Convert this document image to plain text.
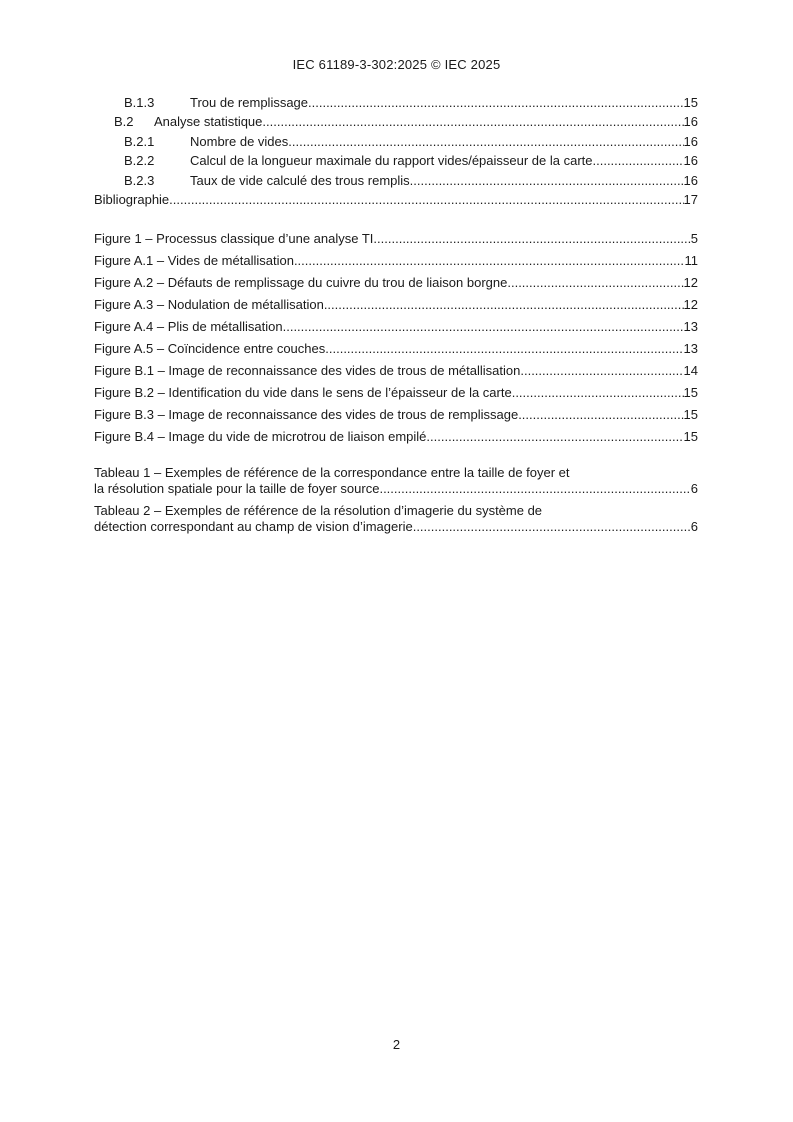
IEC 61189-3-302:2025 © IEC 2025
B.1.3	Trou de remplissage .....	15
B.2	Analyse statistique .....	16
B.2.1	Nombre de vides .....	16
B.2.2	Calcul de la longueur maximale du rapport vides/épaisseur de la carte .....	16
B.2.3	Taux de vide calculé des trous remplis .....	16
Bibliographie .....	17
Figure 1 – Processus classique d’une analyse TI .....	5
Figure A.1 – Vides de métallisation .....	11
Figure A.2 – Défauts de remplissage du cuivre du trou de liaison borgne .....	12
Figure A.3 – Nodulation de métallisation .....	12
Figure A.4 – Plis de métallisation .....	13
Figure A.5 – Coïncidence entre couches .....	13
Figure B.1 – Image de reconnaissance des vides de trous de métallisation .....	14
Figure B.2 – Identification du vide dans le sens de l’épaisseur de la carte .....	15
Figure B.3 – Image de reconnaissance des vides de trous de remplissage .....	15
Figure B.4 – Image du vide de microtrou de liaison empilé .....	15
Tableau 1 – Exemples de référence de la correspondance entre la taille de foyer et
la résolution spatiale pour la taille de foyer source .....	6
Tableau 2 – Exemples de référence de la résolution d’imagerie du système de
détection correspondant au champ de vision d’imagerie .....	6
2
